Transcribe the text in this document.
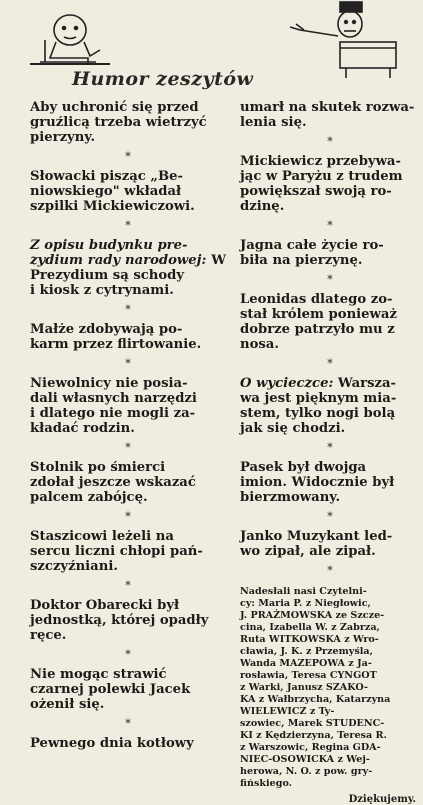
Humor zeszytów

Aby uchronić się przed
gruźlicą trzeba wietrzyć
pierzyny.

*

Słowacki pisząc „Be-
niowskiego" wkładał
szpilki Mickiewiczowi.

*

Z opisu budynku pre-
zydium rady narodowej: W Prezydium są schody
i kiosk z cytrynami.

*

Małże zdobywają po-
karm przez flirtowanie.

*

Niewolnicy nie posia-
dali własnych narzędzi
i dlatego nie mogli za-
kładać rodzin.

*

Stolnik po śmierci
zdołał jeszcze wskazać
palcem zabójcę.

*

Staszicowi leżeli na
sercu liczni chłopi pań-
szczyźniani.

*

Doktor Obarecki był
jednostką, której opadły
ręce.

*

Nie mogąc strawić
czarnej polewki Jacek
ożenił się.

*

Pewnego dnia kotłowy

umarł na skutek rozwa-
lenia się.

*

Mickiewicz przebywa-
jąc w Paryżu z trudem
powiększał swoją ro-
dzinę.

*

Jagna całe życie ro-
biła na pierzynę.

*

Leonidas dlatego zo-
stał królem ponieważ
dobrze patrzyło mu z
nosa.

*

O wycieczce: Warsza-
wa jest pięknym mia-
stem, tylko nogi bolą
jak się chodzi.

*

Pasek był dwojga
imion. Widocznie był
bierzmowany.

*

Janko Muzykant led-
wo zipał, ale zipał.

*
Nadesłali nasi Czytelni-
cy: Maria P. z Niegłowic,
J. PRAŻMOWSKA ze Szcze-
cina, Izabella W. z Zabrza,
Ruta WITKOWSKA z Wro-
cławia, J. K. z Przemyśla,
Wanda MAZEPOWA z Ja-
rosławia, Teresa CYNGOT
z Warki, Janusz SZAKO-
KA z Wałbrzycha, Katarzyna
WIELEWICZ z Ty-
szowiec, Marek STUDENC-
KI z Kędzierzyna, Teresa R.
z Warszowic, Regina GDA-
NIEC-OSOWICKA z Wej-
herowa, N. O. z pow. gry-
fińskiego.
Dziękujemy.
